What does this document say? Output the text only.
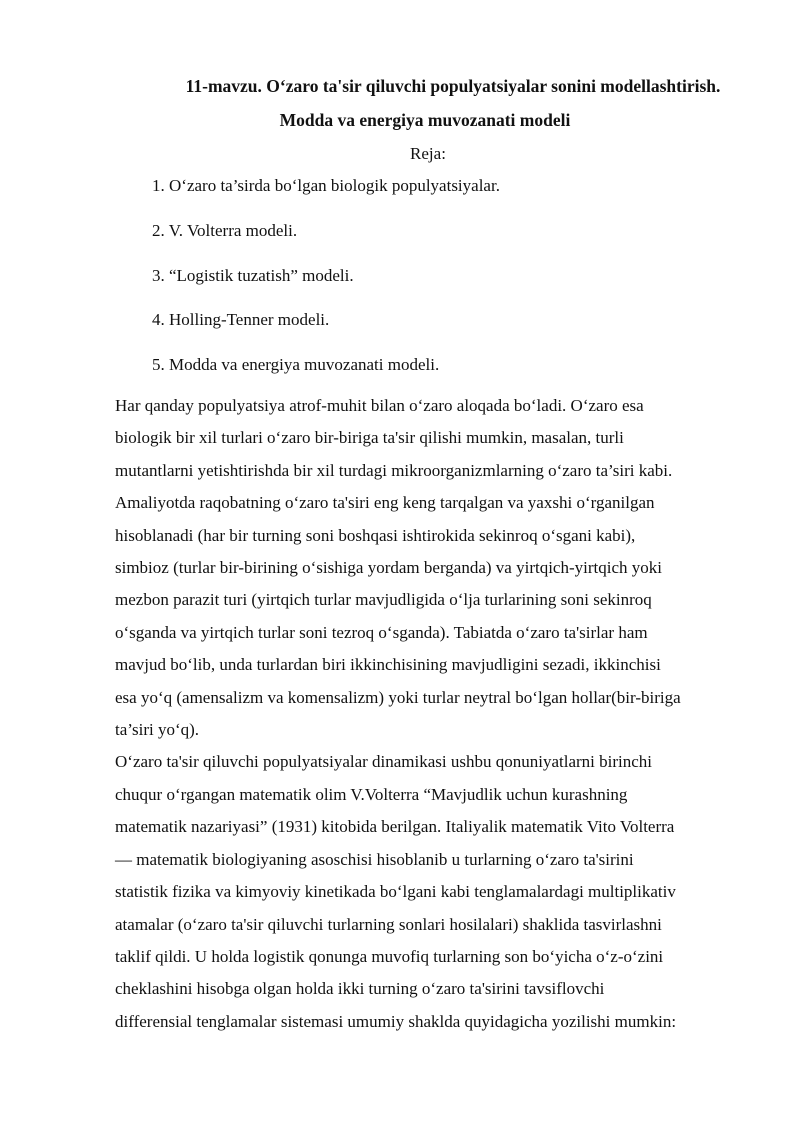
11-mavzu. O‘zaro ta'sir qiluvchi populyatsiyalar sonini modellashtirish.
Modda va energiya muvozanati modeli
Reja:
1. O‘zaro ta’sirda bo‘lgan biologik populyatsiyalar.
2. V. Volterra modeli.
3. “Logistik tuzatish” modeli.
4. Holling-Tenner modeli.
5. Modda va energiya muvozanati modeli.

Har qanday populyatsiya atrof-muhit bilan o‘zaro aloqada bo‘ladi. O‘zaro esa

biologik bir xil turlari o‘zaro bir-biriga ta'sir qilishi mumkin, masalan, turli

mutantlarni yetishtirishda bir xil turdagi mikroorganizmlarning o‘zaro ta’siri kabi.

Amaliyotda raqobatning o‘zaro ta'siri eng keng tarqalgan va yaxshi o‘rganilgan

hisoblanadi (har bir turning soni boshqasi ishtirokida sekinroq o‘sgani kabi),

simbioz (turlar bir-birining o‘sishiga yordam berganda) va yirtqich-yirtqich yoki

mezbon parazit turi (yirtqich turlar mavjudligida o‘lja turlarining soni sekinroq

o‘sganda va yirtqich turlar soni tezroq o‘sganda). Tabiatda o‘zaro ta'sirlar ham

mavjud bo‘lib, unda turlardan biri ikkinchisining mavjudligini sezadi, ikkinchisi

esa yo‘q (amensalizm va komensalizm) yoki turlar neytral bo‘lgan hollar(bir-biriga

ta’siri yo‘q).

O‘zaro ta'sir qiluvchi populyatsiyalar dinamikasi ushbu qonuniyatlarni birinchi

chuqur o‘rgangan matematik olim V.Volterra “Mavjudlik uchun kurashning

matematik nazariyasi” (1931) kitobida berilgan. Italiyalik matematik Vito Volterra

— matematik biologiyaning asoschisi hisoblanib u turlarning o‘zaro ta'sirini

statistik fizika va kimyoviy kinetikada bo‘lgani kabi tenglamalardagi multiplikativ

atamalar (o‘zaro ta'sir qiluvchi turlarning sonlari hosilalari) shaklida tasvirlashni

taklif qildi. U holda logistik qonunga muvofiq turlarning son bo‘yicha o‘z-o‘zini

cheklashini hisobga olgan holda ikki turning o‘zaro ta'sirini tavsiflovchi

differensial tenglamalar sistemasi umumiy shaklda quyidagicha yozilishi mumkin:
